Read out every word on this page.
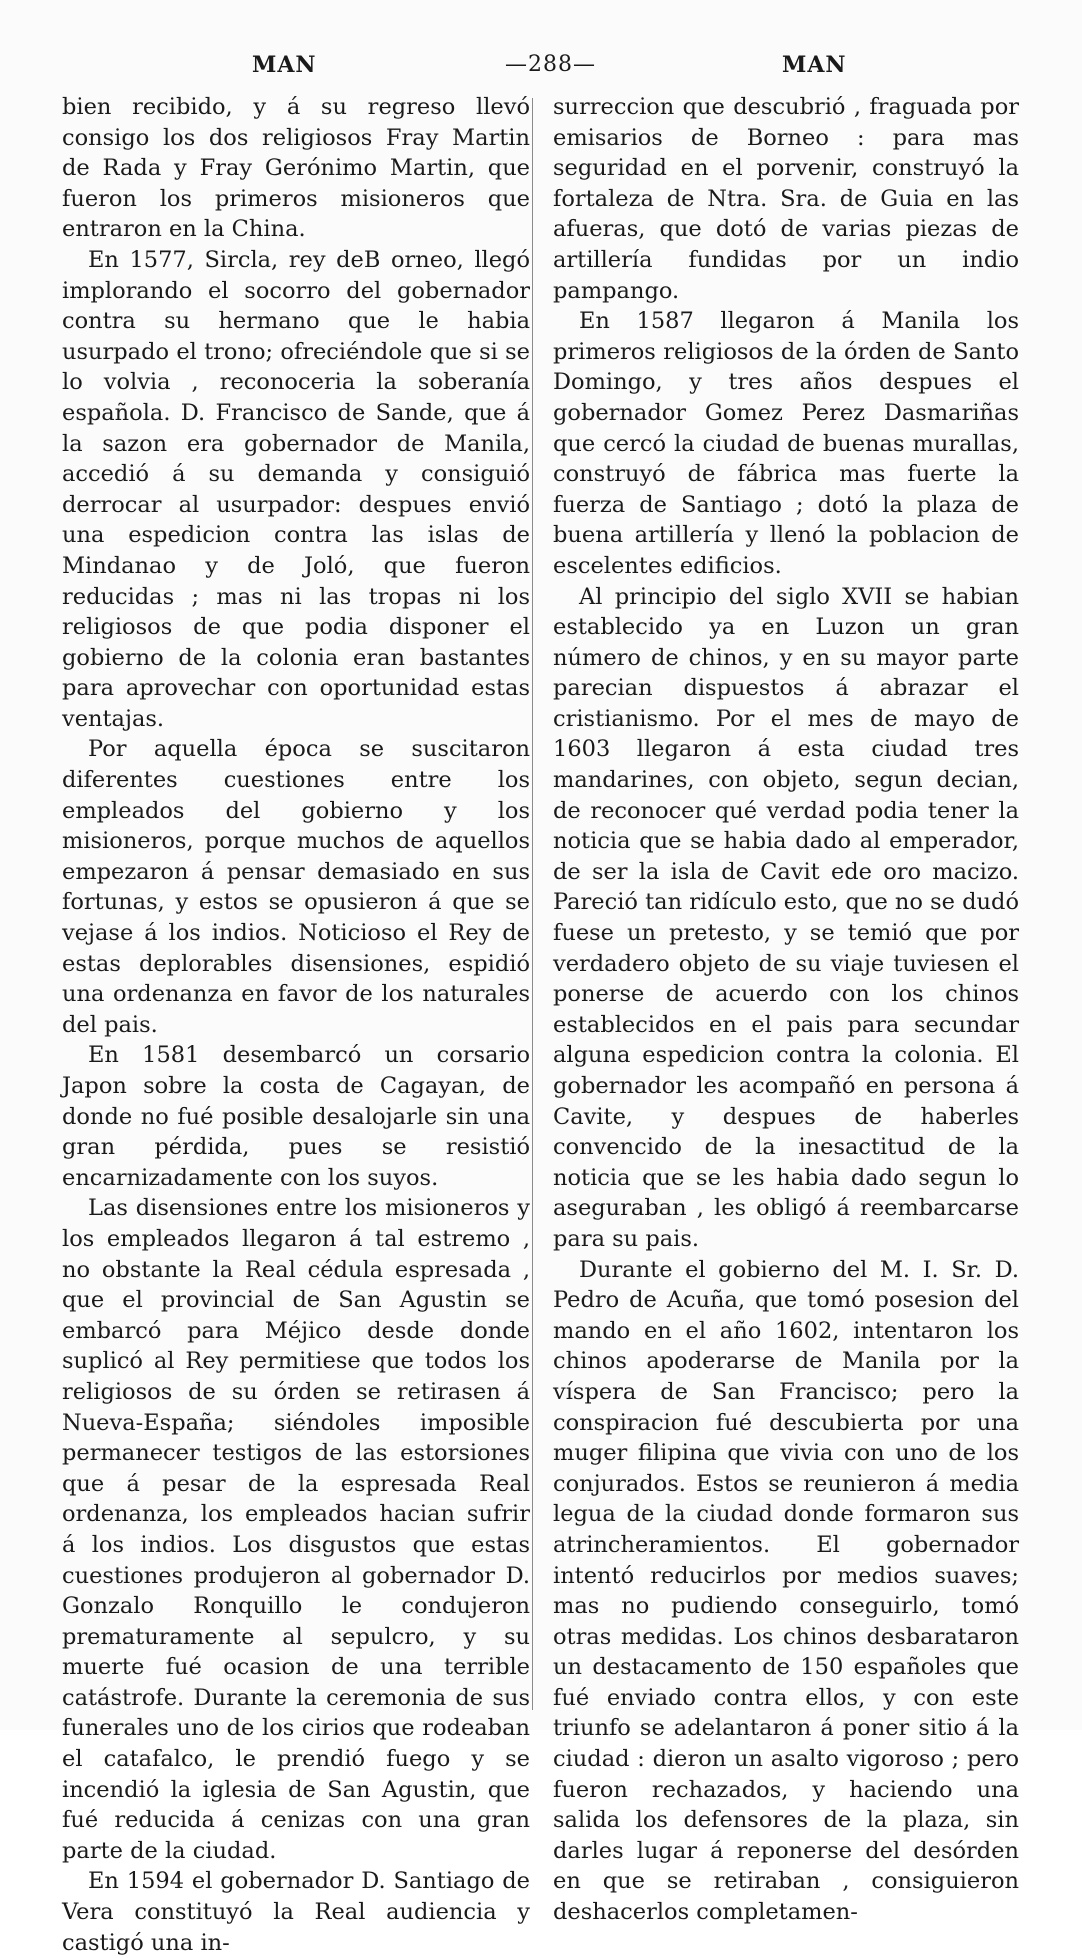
MAN	—288—	MAN

bien recibido, y á su regreso llevó consigo los dos religiosos Fray Martin de Rada y Fray Gerónimo Martin, que fueron los primeros misioneros que entraron en la China.

En 1577, Sircla, rey deB orneo, llegó implorando el socorro del gobernador contra su hermano que le habia usurpado el trono; ofreciéndole que si se lo volvia , reconoceria la soberanía española. D. Francisco de Sande, que á la sazon era gobernador de Manila, accedió á su demanda y consiguió derrocar al usurpador: despues envió una espedicion contra las islas de Mindanao y de Joló, que fueron reducidas ; mas ni las tropas ni los religiosos de que podia disponer el gobierno de la colonia eran bastantes para aprovechar con oportunidad estas ventajas.

Por aquella época se suscitaron diferentes cuestiones entre los empleados del gobierno y los misioneros, porque muchos de aquellos empezaron á pensar demasiado en sus fortunas, y estos se opusieron á que se vejase á los indios. Noticioso el Rey de estas deplorables disensiones, espidió una ordenanza en favor de los naturales del pais.

En 1581 desembarcó un corsario Japon sobre la costa de Cagayan, de donde no fué posible desalojarle sin una gran pérdida, pues se resistió encarnizadamente con los suyos.

Las disensiones entre los misioneros y los empleados llegaron á tal estremo , no obstante la Real cédula espresada , que el provincial de San Agustin se embarcó para Méjico desde donde suplicó al Rey permitiese que todos los religiosos de su órden se retirasen á Nueva-España; siéndoles imposible permanecer testigos de las estorsiones que á pesar de la espresada Real ordenanza, los empleados hacian sufrir á los indios. Los disgustos que estas cuestiones produjeron al gobernador D. Gonzalo Ronquillo le condujeron prematuramente al sepulcro, y su muerte fué ocasion de una terrible catástrofe. Durante la ceremonia de sus funerales uno de los cirios que rodeaban el catafalco, le prendió fuego y se incendió la iglesia de San Agustin, que fué reducida á cenizas con una gran parte de la ciudad.

En 1594 el gobernador D. Santiago de Vera constituyó la Real audiencia y castigó una in-

surreccion que descubrió , fraguada por emisarios de Borneo : para mas seguridad en el porvenir, construyó la fortaleza de Ntra. Sra. de Guia en las afueras, que dotó de varias piezas de artillería fundidas por un indio pampango.

En 1587 llegaron á Manila los primeros religiosos de la órden de Santo Domingo, y tres años despues el gobernador Gomez Perez Dasmariñas que cercó la ciudad de buenas murallas, construyó de fábrica mas fuerte la fuerza de Santiago ; dotó la plaza de buena artillería y llenó la poblacion de escelentes edificios.

Al principio del siglo XVII se habian establecido ya en Luzon un gran número de chinos, y en su mayor parte parecian dispuestos á abrazar el cristianismo. Por el mes de mayo de 1603 llegaron á esta ciudad tres mandarines, con objeto, segun decian, de reconocer qué verdad podia tener la noticia que se habia dado al emperador, de ser la isla de Cavit ede oro macizo. Pareció tan ridículo esto, que no se dudó fuese un pretesto, y se temió que por verdadero objeto de su viaje tuviesen el ponerse de acuerdo con los chinos establecidos en el pais para secundar alguna espedicion contra la colonia. El gobernador les acompañó en persona á Cavite, y despues de haberles convencido de la inesactitud de la noticia que se les habia dado segun lo aseguraban , les obligó á reembarcarse para su pais.

Durante el gobierno del M. I. Sr. D. Pedro de Acuña, que tomó posesion del mando en el año 1602, intentaron los chinos apoderarse de Manila por la víspera de San Francisco; pero la conspiracion fué descubierta por una muger filipina que vivia con uno de los conjurados. Estos se reunieron á media legua de la ciudad donde formaron sus atrincheramientos. El gobernador intentó reducirlos por medios suaves; mas no pudiendo conseguirlo, tomó otras medidas. Los chinos desbarataron un destacamento de 150 españoles que fué enviado contra ellos, y con este triunfo se adelantaron á poner sitio á la ciudad : dieron un asalto vigoroso ; pero fueron rechazados, y haciendo una salida los defensores de la plaza, sin darles lugar á reponerse del desórden en que se retiraban , consiguieron deshacerlos completamen-
